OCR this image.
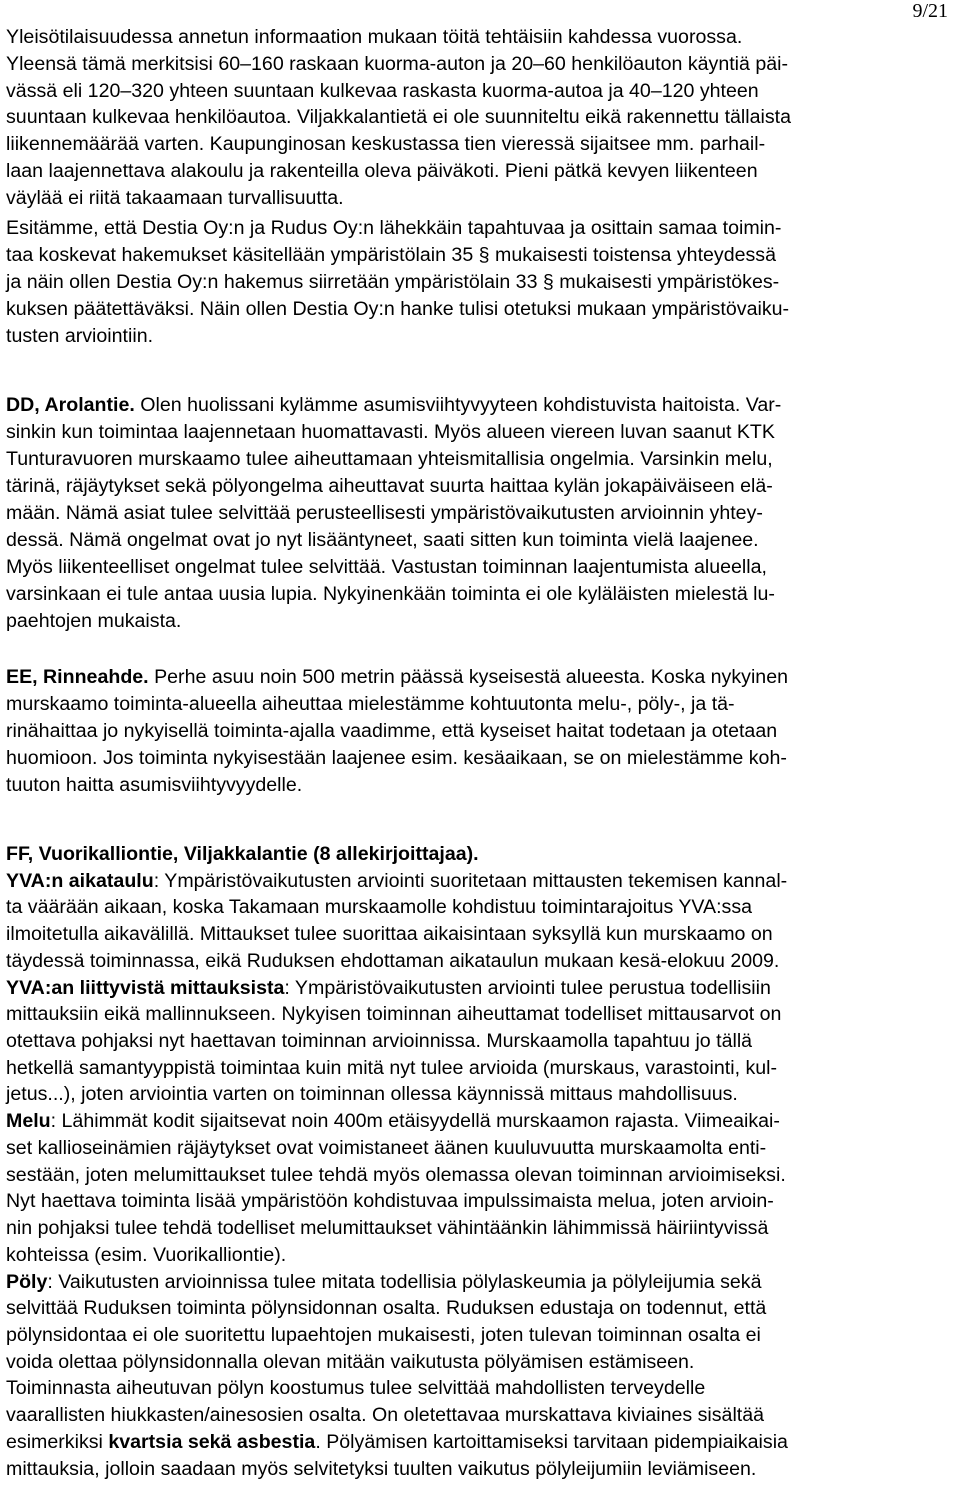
9/21
Yleisötilaisuudessa annetun informaation mukaan töitä tehtäisiin kahdessa vuorossa.
Yleensä tämä merkitsisi 60–160 raskaan kuorma-auton ja 20–60 henkilöauton käyntiä päi-
vässä eli 120–320 yhteen suuntaan kulkevaa raskasta kuorma-autoa ja 40–120 yhteen
suuntaan kulkevaa henkilöautoa. Viljakkalantietä ei ole suunniteltu eikä rakennettu tällaista
liikennemäärää varten. Kaupunginosan keskustassa tien vieressä sijaitsee mm. parhail-
laan laajennettava alakoulu ja rakenteilla oleva päiväkoti. Pieni pätkä kevyen liikenteen
väylää ei riitä takaamaan turvallisuutta.
Esitämme, että Destia Oy:n ja Rudus Oy:n lähekkäin tapahtuvaa ja osittain samaa toimin-
taa koskevat hakemukset käsitellään ympäristölain 35 § mukaisesti toistensa yhteydessä
ja näin ollen Destia Oy:n hakemus siirretään ympäristölain 33 § mukaisesti ympäristökes-
kuksen päätettäväksi. Näin ollen Destia Oy:n hanke tulisi otetuksi mukaan ympäristövaiku-
tusten arviointiin.
DD, Arolantie. Olen huolissani kylämme asumisviihtyvyyteen kohdistuvista haitoista. Var-
sinkin kun toimintaa laajennetaan huomattavasti. Myös alueen viereen luvan saanut KTK
Tunturavuoren murskaamo tulee aiheuttamaan yhteismitallisia ongelmia. Varsinkin melu,
tärinä, räjäytykset sekä pölyongelma aiheuttavat suurta haittaa kylän jokapäiväiseen elä-
mään. Nämä asiat tulee selvittää perusteellisesti ympäristövaikutusten arvioinnin yhtey-
dessä. Nämä ongelmat ovat jo nyt lisääntyneet, saati sitten kun toiminta vielä laajenee.
Myös liikenteelliset ongelmat tulee selvittää. Vastustan toiminnan laajentumista alueella,
varsinkaan ei tule antaa uusia lupia. Nykyinenkään toiminta ei ole kyläläisten mielestä lu-
paehtojen mukaista.
EE, Rinneahde. Perhe asuu noin 500 metrin päässä kyseisestä alueesta. Koska nykyinen
murskaamo toiminta-alueella aiheuttaa mielestämme kohtuutonta melu-, pöly-, ja tä-
rinähaittaa jo nykyisellä toiminta-ajalla vaadimme, että kyseiset haitat todetaan ja otetaan
huomioon. Jos toiminta nykyisestään laajenee esim. kesäaikaan, se on mielestämme koh-
tuuton haitta asumisviihtyvyydelle.
FF, Vuorikalliontie, Viljakkalantie (8 allekirjoittajaa).
YVA:n aikataulu: Ympäristövaikutusten arviointi suoritetaan mittausten tekemisen kannal-
ta väärään aikaan, koska Takamaan murskaamolle kohdistuu toimintarajoitus YVA:ssa
ilmoitetulla aikavälillä. Mittaukset tulee suorittaa aikaisintaan syksyllä kun murskaamo on
täydessä toiminnassa, eikä Ruduksen ehdottaman aikataulun mukaan kesä-elokuu 2009.
YVA:an liittyvistä mittauksista: Ympäristövaikutusten arviointi tulee perustua todellisiin
mittauksiin eikä mallinnukseen. Nykyisen toiminnan aiheuttamat todelliset mittausarvot on
otettava pohjaksi nyt haettavan toiminnan arvioinnissa. Murskaamolla tapahtuu jo tällä
hetkellä samantyyppistä toimintaa kuin mitä nyt tulee arvioida (murskaus, varastointi, kul-
jetus...), joten arviointia varten on toiminnan ollessa käynnissä mittaus mahdollisuus.
Melu: Lähimmät kodit sijaitsevat noin 400m etäisyydellä murskaamon rajasta. Viimeaikai-
set kallioseinämien räjäytykset ovat voimistaneet äänen kuuluvuutta murskaamolta enti-
sestään, joten melumittaukset tulee tehdä myös olemassa olevan toiminnan arvioimiseksi.
Nyt haettava toiminta lisää ympäristöön kohdistuvaa impulssimaista melua, joten arvioin-
nin pohjaksi tulee tehdä todelliset melumittaukset vähintäänkin lähimmissä häiriintyvissä
kohteissa (esim. Vuorikalliontie).
Pöly: Vaikutusten arvioinnissa tulee mitata todellisia pölylaskeumia ja pölyleijumia sekä
selvittää Ruduksen toiminta pölynsidonnan osalta. Ruduksen edustaja on todennut, että
pölynsidontaa ei ole suoritettu lupaehtojen mukaisesti, joten tulevan toiminnan osalta ei
voida olettaa pölynsidonnalla olevan mitään vaikutusta pölyämisen estämiseen.
Toiminnasta aiheutuvan pölyn koostumus tulee selvittää mahdollisten terveydelle
vaarallisten hiukkasten/ainesosien osalta. On oletettavaa murskattava kiviaines sisältää
esimerkiksi kvartsia sekä asbestia. Pölyämisen kartoittamiseksi tarvitaan pidempiaikaisia
mittauksia, jolloin saadaan myös selvitetyksi tuulten vaikutus pölyleijumiin leviämiseen.
